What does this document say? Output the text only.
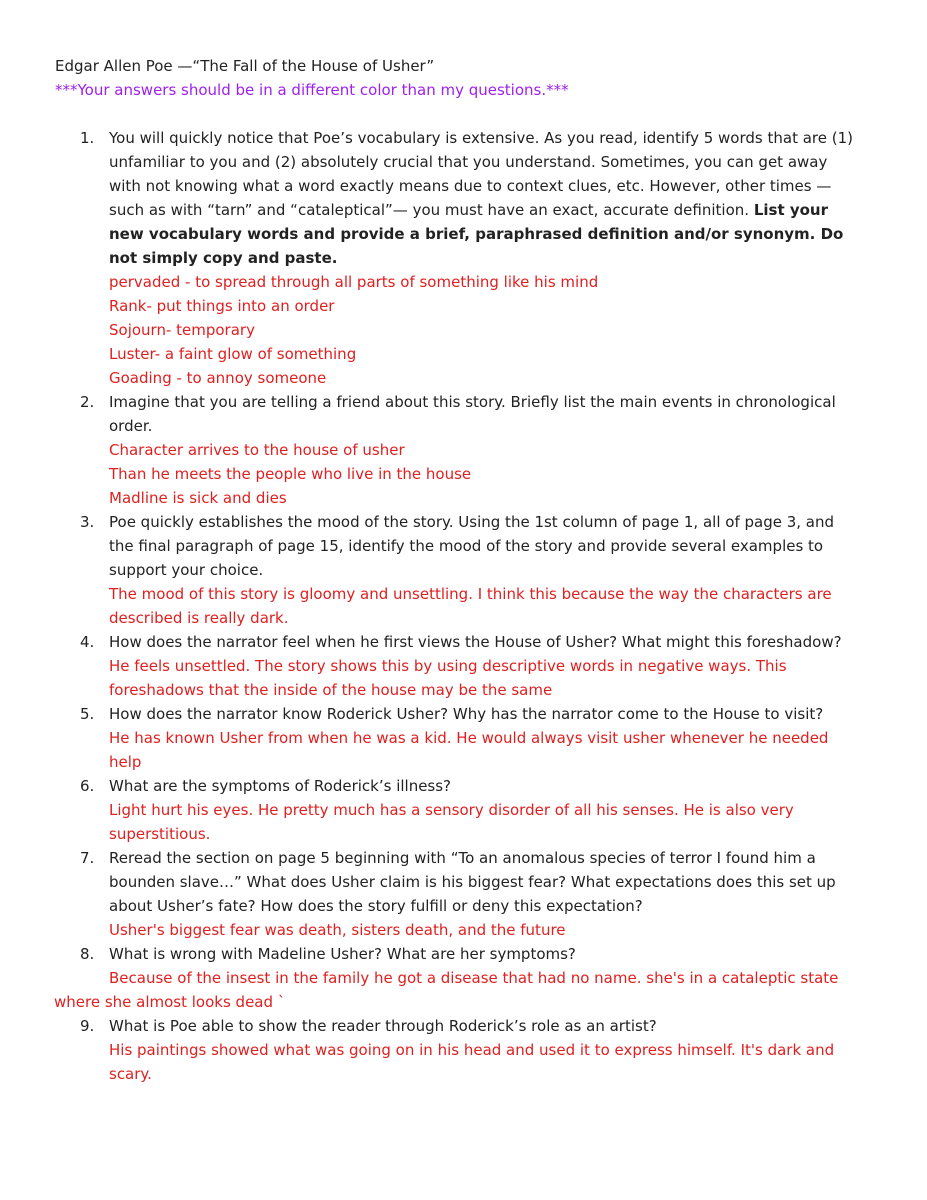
Edgar Allen Poe —“The Fall of the House of Usher”
***Your answers should be in a different color than my questions.***
1. You will quickly notice that Poe’s vocabulary is extensive. As you read, identify 5 words that are (1) unfamiliar to you and (2) absolutely crucial that you understand. Sometimes, you can get away with not knowing what a word exactly means due to context clues, etc. However, other times — such as with “tarn” and “cataleptical”— you must have an exact, accurate definition. List your new vocabulary words and provide a brief, paraphrased definition and/or synonym. Do not simply copy and paste.
pervaded - to spread through all parts of something like his mind
Rank- put things into an order
Sojourn- temporary
Luster- a faint glow of something
Goading - to annoy someone
2. Imagine that you are telling a friend about this story. Briefly list the main events in chronological order.
Character arrives to the house of usher
Than he meets the people who live in the house
Madline is sick and dies
3. Poe quickly establishes the mood of the story. Using the 1st column of page 1, all of page 3, and the final paragraph of page 15, identify the mood of the story and provide several examples to support your choice.
The mood of this story is gloomy and unsettling. I think this because the way the characters are described is really dark.
4. How does the narrator feel when he first views the House of Usher? What might this foreshadow?
He feels unsettled. The story shows this by using descriptive words in negative ways. This foreshadows that the inside of the house may be the same
5. How does the narrator know Roderick Usher? Why has the narrator come to the House to visit?
He has known Usher from when he was a kid. He would always visit usher whenever he needed help
6. What are the symptoms of Roderick’s illness?
Light hurt his eyes. He pretty much has a sensory disorder of all his senses. He is also very superstitious.
7. Reread the section on page 5 beginning with “To an anomalous species of terror I found him a bounden slave…” What does Usher claim is his biggest fear? What expectations does this set up about Usher’s fate? How does the story fulfill or deny this expectation?
Usher's biggest fear was death, sisters death, and the future
8. What is wrong with Madeline Usher? What are her symptoms?
Because of the insest in the family he got a disease that had no name. she's in a cataleptic state where she almost looks dead `
9. What is Poe able to show the reader through Roderick’s role as an artist?
His paintings showed what was going on in his head and used it to express himself. It's dark and scary.
